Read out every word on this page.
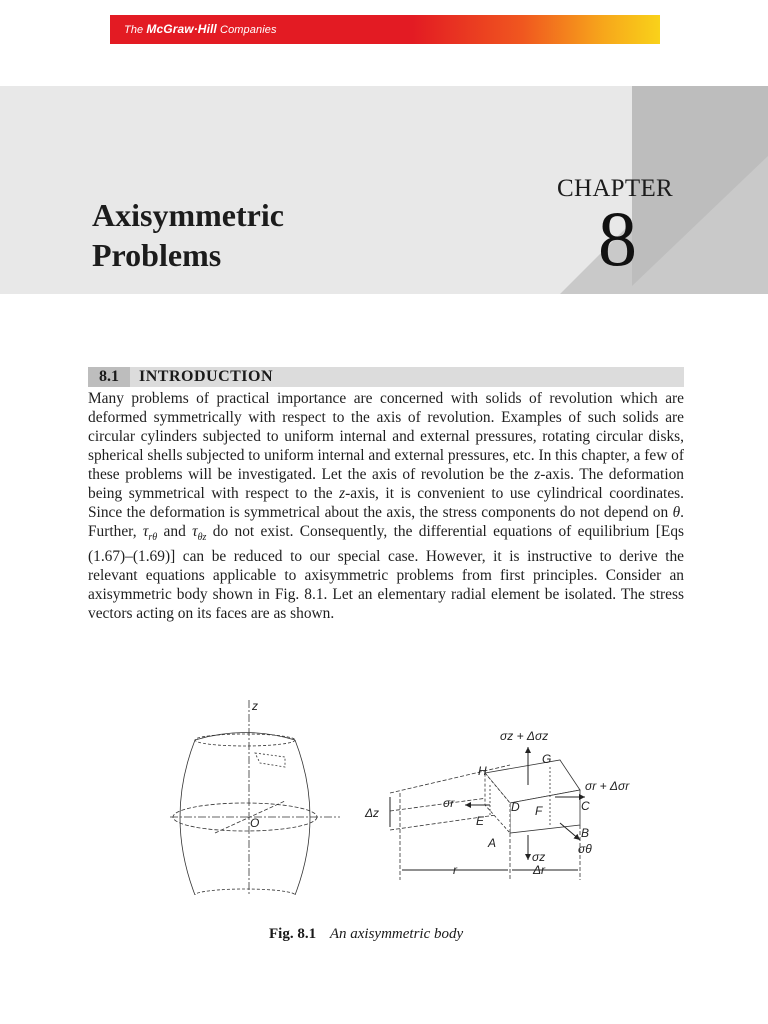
The McGraw·Hill Companies
Axisymmetric
Problems
CHAPTER
8
8.1	INTRODUCTION

Many problems of practical importance are concerned with solids of revolution which are deformed symmetrically with respect to the axis of revolution. Examples of such solids are circular cylinders subjected to uniform internal and external pressures, rotating circular disks, spherical shells subjected to uniform internal and external pressures, etc. In this chapter, a few of these problems will be investigated. Let the axis of revolution be the z-axis. The deformation being symmetrical with respect to the z-axis, it is convenient to use cylindrical coordinates. Since the deformation is symmetrical about the axis, the stress components do not depend on θ. Further, $\tau_{r\theta}$ and $\tau_{\theta z}$ do not exist. Consequently, the differential equations of equilibrium [Eqs (1.67)–(1.69)] can be reduced to our special case. However, it is instructive to derive the relevant equations applicable to axisymmetric problems from first principles. Consider an axisymmetric body shown in Fig. 8.1. Let an elementary radial element be isolated. The stress vectors acting on its faces are as shown.

z
O
σz + Δσz
σr + Δσr
σr
σz
σθ
Δz
r	Δr
A
B
C
D
E
F
G
H
Fig. 8.1 An axisymmetric body
